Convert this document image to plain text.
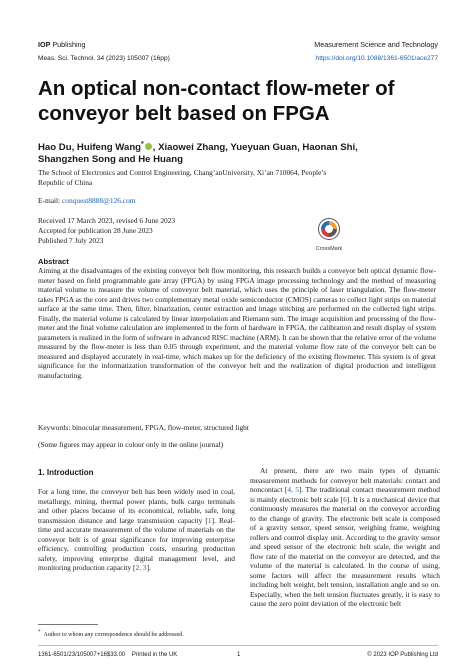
IOP Publishing	Measurement Science and Technology
Meas. Sci. Technol. 34 (2023) 105007 (16pp)	https://doi.org/10.1088/1361-6501/ace277
An optical non-contact flow-meter of conveyor belt based on FPGA
Hao Du, Huifeng Wang* , Xiaowei Zhang, Yueyuan Guan, Haonan Shi,
Shangzhen Song and He Huang
The School of Electronics and Control Engineering, Chang’anUniversity, Xi’an 710064, People’s Republic of China
E-mail: conquest8888@126.com
Received 17 March 2023, revised 6 June 2023
Accepted for publication 28 June 2023
Published 7 July 2023
CrossMark
Abstract
Aiming at the disadvantages of the existing conveyor belt flow monitoring, this research builds a conveyor belt optical dynamic flow-meter based on field programmable gate array (FPGA) by using FPGA image processing technology and the method of measuring material volume to measure the volume of conveyor belt material, which uses the principle of laser triangulation. The flow-meter takes FPGA as the core and drives two complementary metal oxide semiconductor (CMOS) cameras to collect light strips on material surface at the same time. Then, filter, binarization, center extraction and image stitching are performed on the collected light strips. Finally, the material volume is calculated by linear interpolation and Riemann sum. The image acquisition and processing of the flow-meter and the final volume calculation are implemented in the form of hardware in FPGA, the calibration and result display of system parameters is realized in the form of software in advanced RISC machine (ARM). It can be shown that the relative error of the volume measured by the flow-meter is less than 0.05 through experiment, and the material volume flow rate of the conveyor belt can be measured and displayed accurately in real-time, which makes up for the deficiency of the existing flowmeter. This system is of great significance for the informatization transformation of the conveyor belt and the realization of digital production and intelligent manufacturing.
Keywords: binocular measurement, FPGA, flow-meter, structured light
(Some figures may appear in colour only in the online journal)
1. Introduction

For a long time, the conveyor belt has been widely used in coal, metallurgy, mining, thermal power plants, bulk cargo terminals and other places because of its economical, reliable, safe, long transmission distance and large transmission capacity [1]. Real-time and accurate measurement of the volume of materials on the conveyor belt is of great significance for improving enterprise efficiency, controlling production costs, ensuring production safety, improving enterprise digital management level, and monitoring production capacity [2, 3].

At present, there are two main types of dynamic measurement methods for conveyor belt materials: contact and noncontact [4, 5]. The traditional contact measurement method is mainly electronic belt scale [6]. It is a mechanical device that continuously measures the material on the conveyor according to the change of gravity. The electronic belt scale is composed of a gravity sensor, speed sensor, weighing frame, weighing rollers and control display unit. According to the gravity sensor and speed sensor of the electronic belt scale, the weight and flow rate of the material on the conveyor are detected, and the volume of the material is calculated. In the course of using, some factors will affect the measurement results which including belt weight, belt tension, installation angle and so on. Especially, when the belt tension fluctuates greatly, it is easy to cause the zero point deviation of the electronic belt

* Author to whom any correspondence should be addressed.
1361-6501/23/105007+16$33.00    Printed in the UK	1	© 2023 IOP Publishing Ltd
